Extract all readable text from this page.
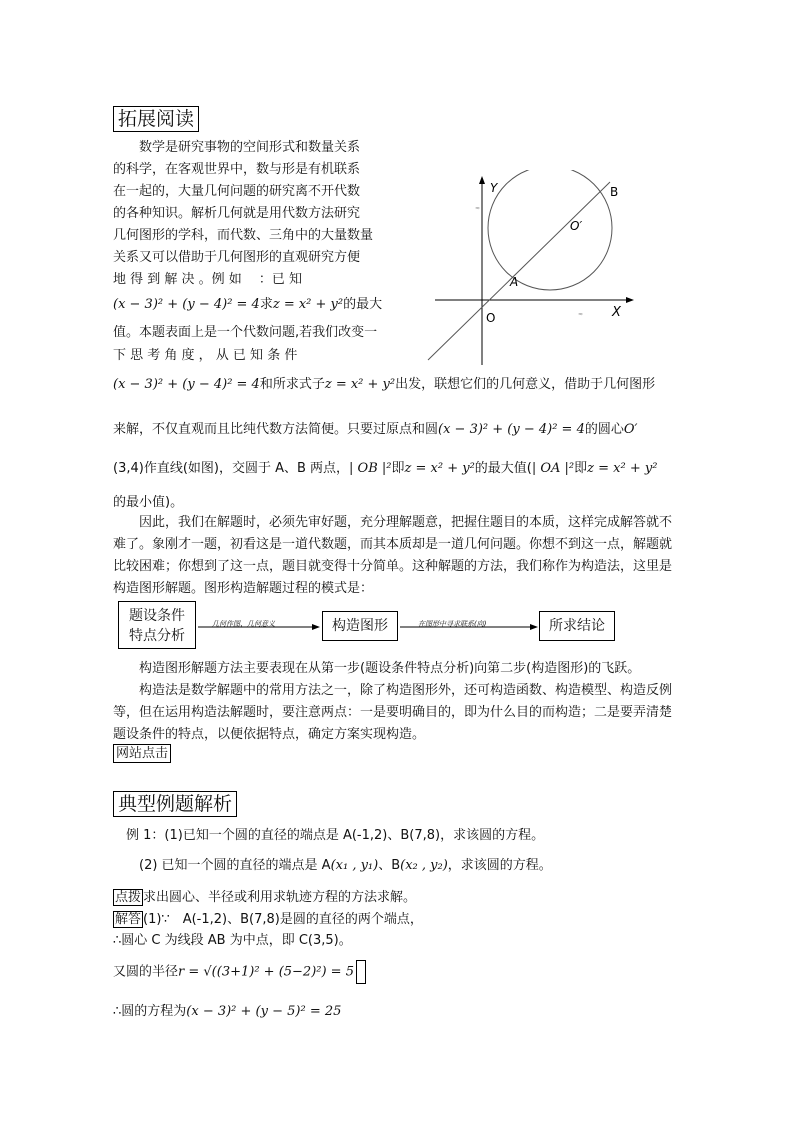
拓展阅读
　　数学是研究事物的空间形式和数量关系
的科学，在客观世界中，数与形是有机联系
在一起的，大量几何问题的研究离不开代数
的各种知识。解析几何就是用代数方法研究
几何图形的学科，而代数、三角中的大量数量
关系又可以借助于几何图形的直观研究方便
地 得 到 解 决 。例 如 　：已 知
(x − 3)² + (y − 4)² = 4求z = x² + y²的最大
值。本题表面上是一个代数问题,若我们改变一
下 思 考 角 度 ， 从 已 知 条 件
≈
≈
Y
X
O
A
B
O′
(x − 3)² + (y − 4)² = 4和所求式子z = x² + y²出发，联想它们的几何意义，借助于几何图形
来解，不仅直观而且比纯代数方法简便。只要过原点和圆(x − 3)² + (y − 4)² = 4的圆心O′
(3,4)作直线(如图)，交圆于 A、B 两点，| OB |²即z = x² + y²的最大值(| OA |²即z = x² + y²
的最小值)。
　　因此，我们在解题时，必须先审好题，充分理解题意，把握住题目的本质，这样完成解答就不难了。象刚才一题，初看这是一道代数题，而其本质却是一道几何问题。你想不到这一点，解题就比较困难；你想到了这一点，题目就变得十分简单。这种解题的方法，我们称作为构造法，这里是构造图形解题。图形构造解题过程的模式是：
题设条件
特点分析
几何作图、几何意义	构造图形	在图形中寻求联系(向)	所求结论
　　构造图形解题方法主要表现在从第一步(题设条件特点分析)向第二步(构造图形)的飞跃。
　　构造法是数学解题中的常用方法之一，除了构造图形外，还可构造函数、构造模型、构造反例等，但在运用构造法解题时，要注意两点：一是要明确目的，即为什么目的而构造；二是要弄清楚题设条件的特点，以便依据特点，确定方案实现构造。
网站点击
典型例题解析
　例 1：(1)已知一个圆的直径的端点是 A(-1,2)、B(7,8)，求该圆的方程。
　　(2) 已知一个圆的直径的端点是 A(x₁ , y₁)、B(x₂ , y₂)，求该圆的方程。
点拨 求出圆心、半径或利用求轨迹方程的方法求解。
解答 (1)∵　A(-1,2)、B(7,8)是圆的直径的两个端点，
∴圆心 C 为线段 AB 为中点，即 C(3,5)。
又圆的半径r = √((3+1)² + (5−2)²) = 5
∴圆的方程为(x − 3)² + (y − 5)² = 25
